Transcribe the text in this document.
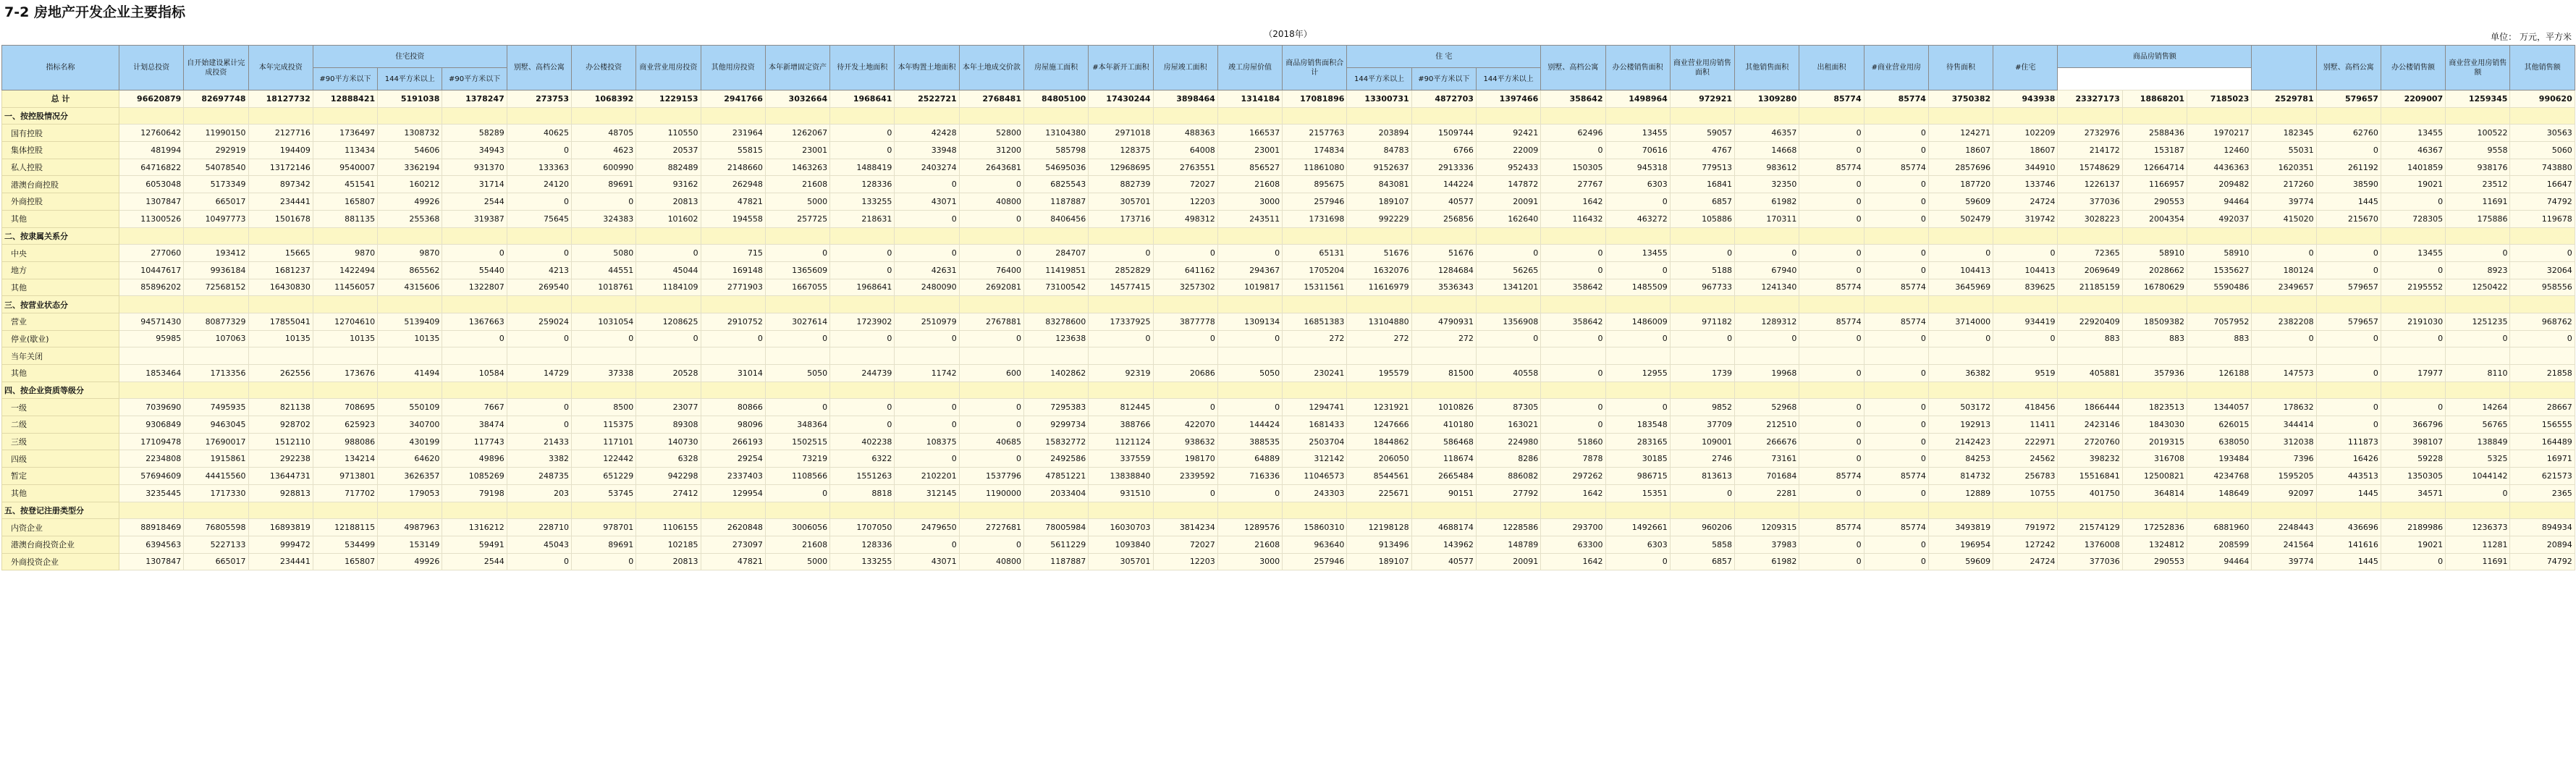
7-2 房地产开发企业主要指标
（2018年）	单位： 万元，平方米
指标名称	计划总投资	自开始建设累计完成投资	本年完成投资	住宅投资			别墅、高档公寓	办公楼投资	商业营业用房投资	其他用房投资	本年新增固定资产	待开发土地面积	本年购置土地面积	本年土地成交价款	房屋施工面积	#本年新开工面积	房屋竣工面积	竣工房屋价值	商品房销售面积合计	住 宅			别墅、高档公寓	办公楼销售面积	商业营业用房销售面积	其他销售面积	出租面积	#商业营业用房	待售面积	#住宅	商品房销售额				别墅、高档公寓	办公楼销售额	商业营业用房销售额	其他销售额
				#90平方米以下	144平方米以上	#90平方米以下														144平方米以上	#90平方米以下	144平方米以上																
总 计	96620879	82697748	18127732	12888421	5191038	1378247	273753	1068392	1229153	2941766	3032664	1968641	2522721	2768481	84805100	17430244	3898464	1314184	17081896	13300731	4872703	1397466	358642	1498964	972921	1309280	85774	85774	3750382	943938	23327173	18868201	7185023	2529781	579657	2209007	1259345	990620
一、按控股情况分																																						
国有控股	12760642	11990150	2127716	1736497	1308732	58289	40625	48705	110550	231964	1262067	0	42428	52800	13104380	2971018	488363	166537	2157763	203894	1509744	92421	62496	13455	59057	46357	0	0	124271	102209	2732976	2588436	1970217	182345	62760	13455	100522	30563
集体控股	481994	292919	194409	113434	54606	34943	0	4623	20537	55815	23001	0	33948	31200	585798	128375	64008	23001	174834	84783	6766	22009	0	70616	4767	14668	0	0	18607	18607	214172	153187	12460	55031	0	46367	9558	5060
私人控股	64716822	54078540	13172146	9540007	3362194	931370	133363	600990	882489	2148660	1463263	1488419	2403274	2643681	54695036	12968695	2763551	856527	11861080	9152637	2913336	952433	150305	945318	779513	983612	85774	85774	2857696	344910	15748629	12664714	4436363	1620351	261192	1401859	938176	743880
港澳台商控股	6053048	5173349	897342	451541	160212	31714	24120	89691	93162	262948	21608	128336	0	0	6825543	882739	72027	21608	895675	843081	144224	147872	27767	6303	16841	32350	0	0	187720	133746	1226137	1166957	209482	217260	38590	19021	23512	16647
外商控股	1307847	665017	234441	165807	49926	2544	0	0	20813	47821	5000	133255	43071	40800	1187887	305701	12203	3000	257946	189107	40577	20091	1642	0	6857	61982	0	0	59609	24724	377036	290553	94464	39774	1445	0	11691	74792
其他	11300526	10497773	1501678	881135	255368	319387	75645	324383	101602	194558	257725	218631	0	0	8406456	173716	498312	243511	1731698	992229	256856	162640	116432	463272	105886	170311	0	0	502479	319742	3028223	2004354	492037	415020	215670	728305	175886	119678
二、按隶属关系分																																						
中央	277060	193412	15665	9870	9870	0	0	5080	0	715	0	0	0	0	284707	0	0	0	65131	51676	51676	0	0	13455	0	0	0	0	0	0	72365	58910	58910	0	0	13455	0	0
地方	10447617	9936184	1681237	1422494	865562	55440	4213	44551	45044	169148	1365609	0	42631	76400	11419851	2852829	641162	294367	1705204	1632076	1284684	56265	0	0	5188	67940	0	0	104413	104413	2069649	2028662	1535627	180124	0	0	8923	32064
其他	85896202	72568152	16430830	11456057	4315606	1322807	269540	1018761	1184109	2771903	1667055	1968641	2480090	2692081	73100542	14577415	3257302	1019817	15311561	11616979	3536343	1341201	358642	1485509	967733	1241340	85774	85774	3645969	839625	21185159	16780629	5590486	2349657	579657	2195552	1250422	958556
三、按营业状态分																																						
营业	94571430	80877329	17855041	12704610	5139409	1367663	259024	1031054	1208625	2910752	3027614	1723902	2510979	2767881	83278600	17337925	3877778	1309134	16851383	13104880	4790931	1356908	358642	1486009	971182	1289312	85774	85774	3714000	934419	22920409	18509382	7057952	2382208	579657	2191030	1251235	968762
停业(歇业)	95985	107063	10135	10135	10135	0	0	0	0	0	0	0	0	0	123638	0	0	0	272	272	272	0	0	0	0	0	0	0	0	0	883	883	883	0	0	0	0	0
当年关闭																																						
其他	1853464	1713356	262556	173676	41494	10584	14729	37338	20528	31014	5050	244739	11742	600	1402862	92319	20686	5050	230241	195579	81500	40558	0	12955	1739	19968	0	0	36382	9519	405881	357936	126188	147573	0	17977	8110	21858
四、按企业资质等级分																																						
一级	7039690	7495935	821138	708695	550109	7667	0	8500	23077	80866	0	0	0	0	7295383	812445	0	0	1294741	1231921	1010826	87305	0	0	9852	52968	0	0	503172	418456	1866444	1823513	1344057	178632	0	0	14264	28667
二级	9306849	9463045	928702	625923	340700	38474	0	115375	89308	98096	348364	0	0	0	9299734	388766	422070	144424	1681433	1247666	410180	163021	0	183548	37709	212510	0	0	192913	11411	2423146	1843030	626015	344414	0	366796	56765	156555
三级	17109478	17690017	1512110	988086	430199	117743	21433	117101	140730	266193	1502515	402238	108375	40685	15832772	1121124	938632	388535	2503704	1844862	586468	224980	51860	283165	109001	266676	0	0	2142423	222971	2720760	2019315	638050	312038	111873	398107	138849	164489
四级	2234808	1915861	292238	134214	64620	49896	3382	122442	6328	29254	73219	6322	0	0	2492586	337559	198170	64889	312142	206050	118674	8286	7878	30185	2746	73161	0	0	84253	24562	398232	316708	193484	7396	16426	59228	5325	16971
暂定	57694609	44415560	13644731	9713801	3626357	1085269	248735	651229	942298	2337403	1108566	1551263	2102201	1537796	47851221	13838840	2339592	716336	11046573	8544561	2665484	886082	297262	986715	813613	701684	85774	85774	814732	256783	15516841	12500821	4234768	1595205	443513	1350305	1044142	621573
其他	3235445	1717330	928813	717702	179053	79198	203	53745	27412	129954	0	8818	312145	1190000	2033404	931510	0	0	243303	225671	90151	27792	1642	15351	0	2281	0	0	12889	10755	401750	364814	148649	92097	1445	34571	0	2365
五、按登记注册类型分																																						
内资企业	88918469	76805598	16893819	12188115	4987963	1316212	228710	978701	1106155	2620848	3006056	1707050	2479650	2727681	78005984	16030703	3814234	1289576	15860310	12198128	4688174	1228586	293700	1492661	960206	1209315	85774	85774	3493819	791972	21574129	17252836	6881960	2248443	436696	2189986	1236373	894934
港澳台商投资企业	6394563	5227133	999472	534499	153149	59491	45043	89691	102185	273097	21608	128336	0	0	5611229	1093840	72027	21608	963640	913496	143962	148789	63300	6303	5858	37983	0	0	196954	127242	1376008	1324812	208599	241564	141616	19021	11281	20894
外商投资企业	1307847	665017	234441	165807	49926	2544	0	0	20813	47821	5000	133255	43071	40800	1187887	305701	12203	3000	257946	189107	40577	20091	1642	0	6857	61982	0	0	59609	24724	377036	290553	94464	39774	1445	0	11691	74792
